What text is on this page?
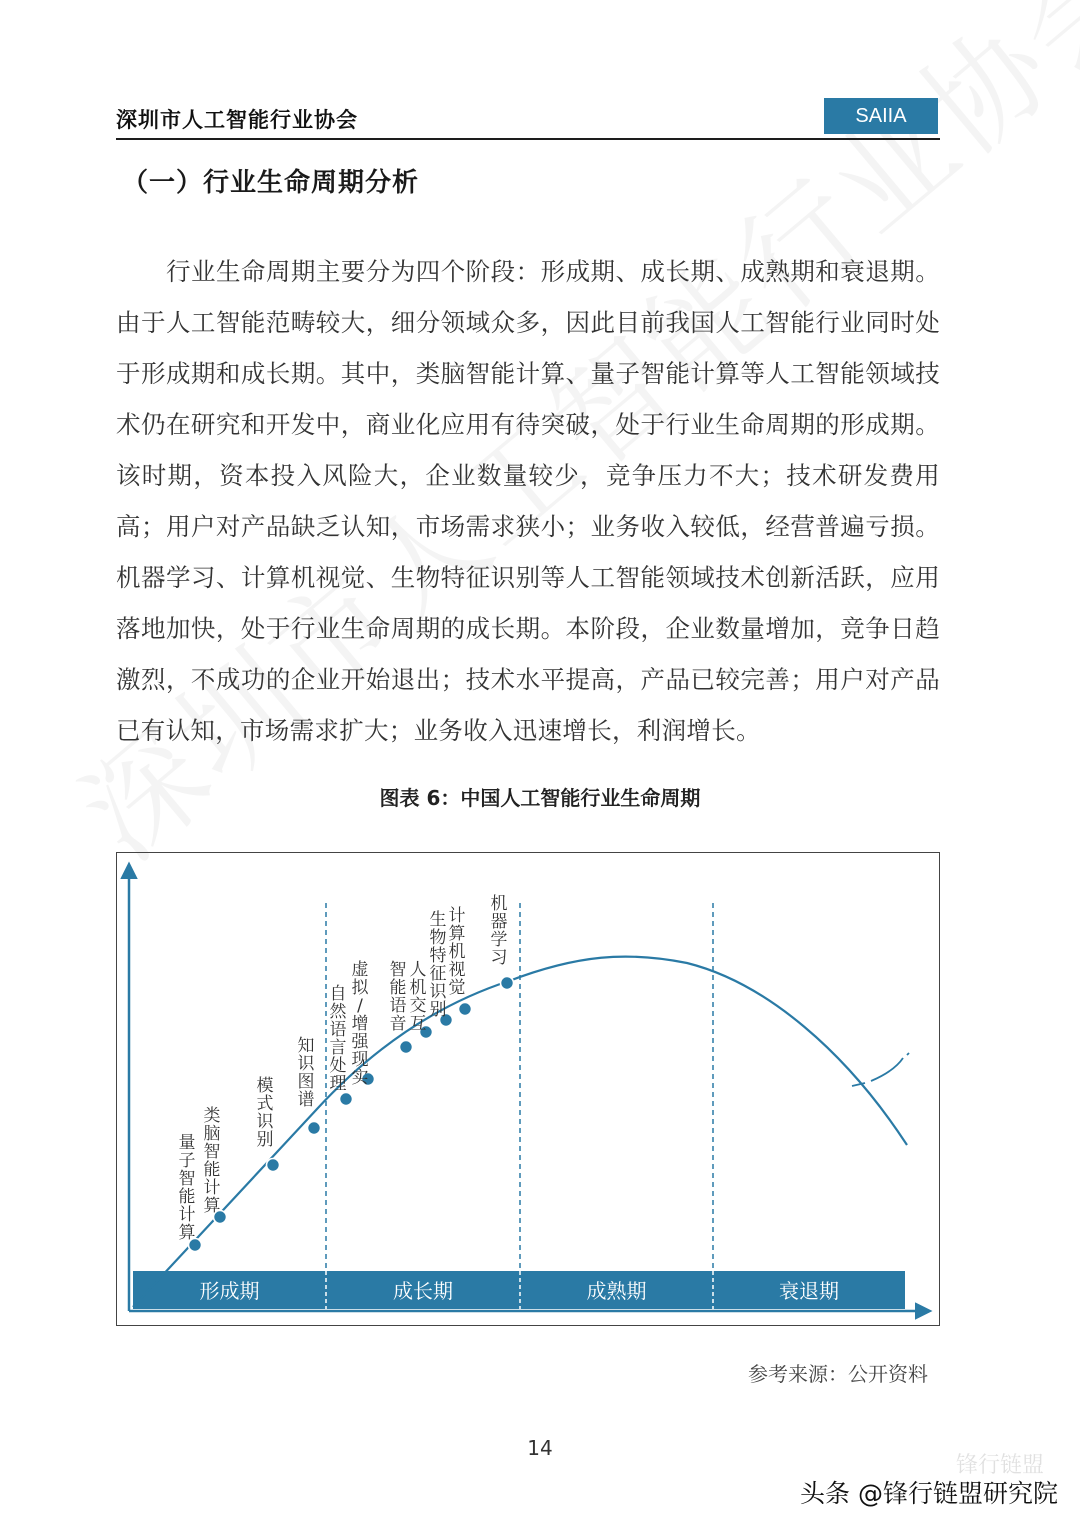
深圳市人工智能行业协会	SAIIA
（一）行业生命周期分析
行业生命周期主要分为四个阶段：形成期、成长期、成熟期和衰退期。由于人工智能范畴较大，细分领域众多，因此目前我国人工智能行业同时处于形成期和成长期。其中，类脑智能计算、量子智能计算等人工智能领域技术仍在研究和开发中，商业化应用有待突破，处于行业生命周期的形成期。该时期，资本投入风险大，企业数量较少，竞争压力不大；技术研发费用高；用户对产品缺乏认知，市场需求狭小；业务收入较低，经营普遍亏损。机器学习、计算机视觉、生物特征识别等人工智能领域技术创新活跃，应用落地加快，处于行业生命周期的成长期。本阶段，企业数量增加，竞争日趋激烈，不成功的企业开始退出；技术水平提高，产品已较完善；用户对产品已有认知，市场需求扩大；业务收入迅速增长，利润增长。
图表 6：中国人工智能行业生命周期
形成期	成长期	成熟期	衰退期
量子智能计算
类脑智能计算
模式识别
知识图谱
自然语言处理
虚拟/增强现实
智能语音
人机交互
生物特征识别
计算机视觉
机器学习
参考来源：公开资料
14
锋行链盟
头条 @锋行链盟研究院
